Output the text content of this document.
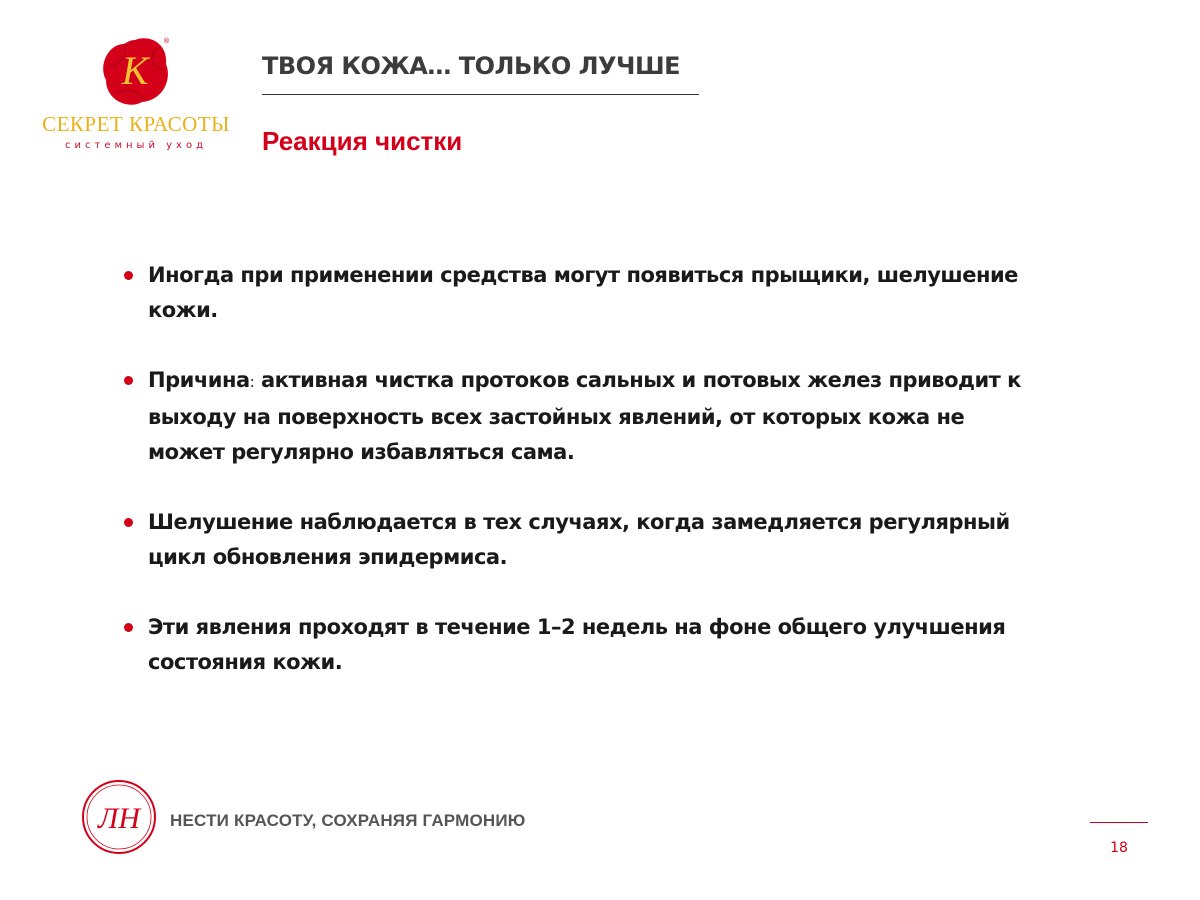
К
®
СЕКРЕТ КРАСОТЫ
системный уход
ТВОЯ КОЖА… ТОЛЬКО ЛУЧШЕ
Реакция чистки
Иногда при применении средства могут появиться прыщики, шелушение кожи.
Причина: активная чистка протоков сальных и потовых желез приводит к выходу на поверхность всех застойных явлений, от которых кожа не может регулярно избавляться сама.
Шелушение наблюдается в тех случаях, когда замедляется регулярный цикл обновления эпидермиса.
Эти явления проходят в течение 1–2 недель на фоне общего улучшения состояния кожи.
ЛН НЕСТИ КРАСОТУ, СОХРАНЯЯ ГАРМОНИЮ
18
